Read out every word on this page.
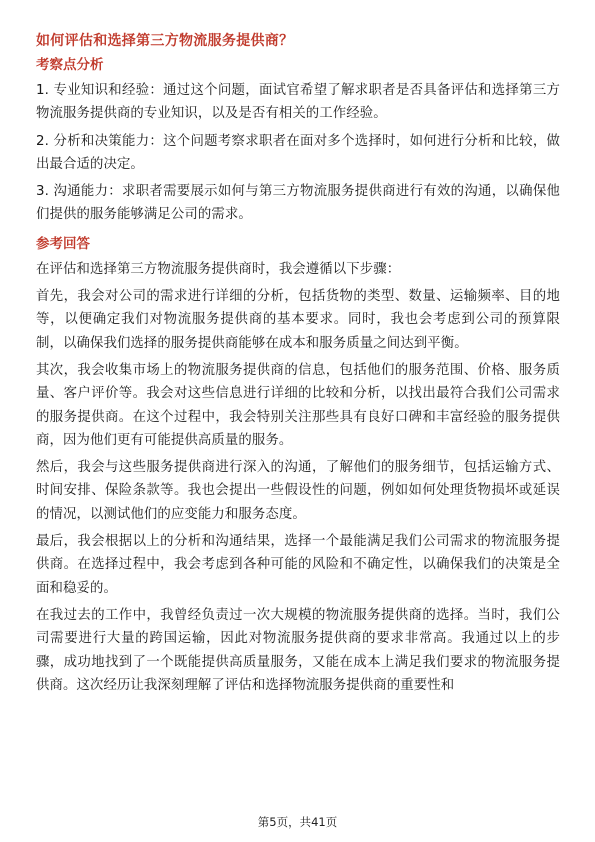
如何评估和选择第三方物流服务提供商？
考察点分析
1. 专业知识和经验：通过这个问题，面试官希望了解求职者是否具备评估和选择第三方物流服务提供商的专业知识，以及是否有相关的工作经验。
2. 分析和决策能力：这个问题考察求职者在面对多个选择时，如何进行分析和比较，做出最合适的决定。
3. 沟通能力：求职者需要展示如何与第三方物流服务提供商进行有效的沟通，以确保他们提供的服务能够满足公司的需求。
参考回答
在评估和选择第三方物流服务提供商时，我会遵循以下步骤：
首先，我会对公司的需求进行详细的分析，包括货物的类型、数量、运输频率、目的地等，以便确定我们对物流服务提供商的基本要求。同时，我也会考虑到公司的预算限制，以确保我们选择的服务提供商能够在成本和服务质量之间达到平衡。
其次，我会收集市场上的物流服务提供商的信息，包括他们的服务范围、价格、服务质量、客户评价等。我会对这些信息进行详细的比较和分析，以找出最符合我们公司需求的服务提供商。在这个过程中，我会特别关注那些具有良好口碑和丰富经验的服务提供商，因为他们更有可能提供高质量的服务。
然后，我会与这些服务提供商进行深入的沟通，了解他们的服务细节，包括运输方式、时间安排、保险条款等。我也会提出一些假设性的问题，例如如何处理货物损坏或延误的情况，以测试他们的应变能力和服务态度。
最后，我会根据以上的分析和沟通结果，选择一个最能满足我们公司需求的物流服务提供商。在选择过程中，我会考虑到各种可能的风险和不确定性，以确保我们的决策是全面和稳妥的。
在我过去的工作中，我曾经负责过一次大规模的物流服务提供商的选择。当时，我们公司需要进行大量的跨国运输，因此对物流服务提供商的要求非常高。我通过以上的步骤，成功地找到了一个既能提供高质量服务，又能在成本上满足我们要求的物流服务提供商。这次经历让我深刻理解了评估和选择物流服务提供商的重要性和
第5页，共41页
